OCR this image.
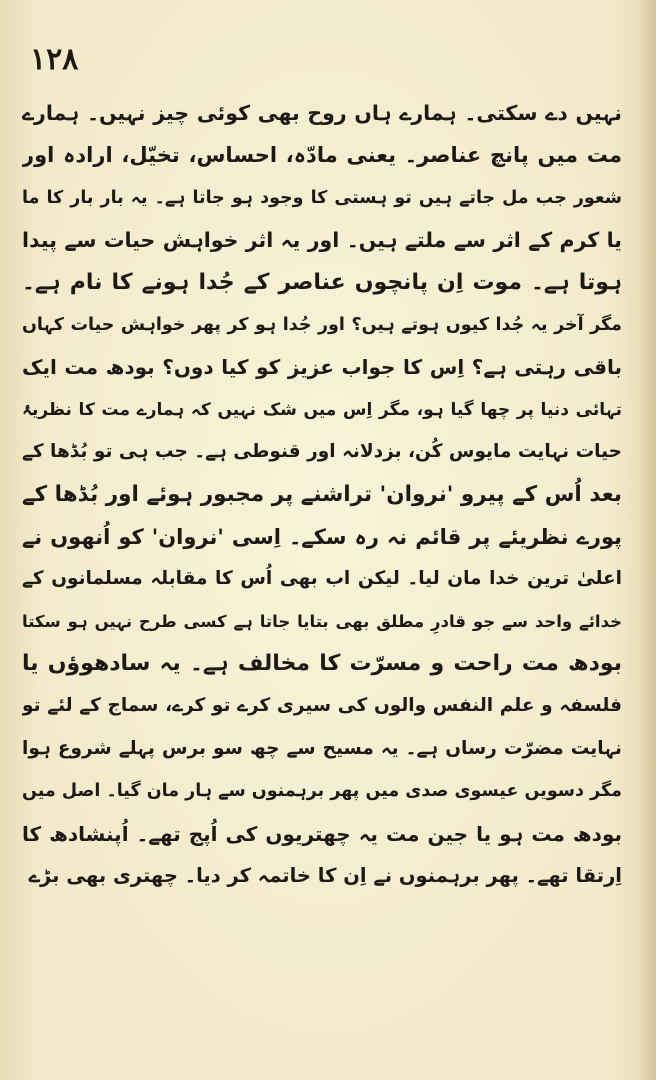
۱۲۸
نہیں دے سکتی۔ ہمارے ہاں روح بھی کوئی چیز نہیں۔ ہمارے
مت میں پانچ عناصر۔ یعنی مادّہ، احساس، تخیّل، ارادہ اور
شعور جب مل جاتے ہیں تو ہستی کا وجود ہو جاتا ہے۔ یہ بار بار کا ما
یا کرم کے اثر سے ملتے ہیں۔ اور یہ اثر خواہش حیات سے پیدا
ہوتا ہے۔ موت اِن پانچوں عناصر کے جُدا ہونے کا نام ہے۔
مگر آخر یہ جُدا کیوں ہوتے ہیں؟ اور جُدا ہو کر پھر خواہش حیات کہاں
باقی رہتی ہے؟ اِس کا جواب عزیز کو کیا دوں؟ بودھ مت ایک
تہائی دنیا پر چھا گیا ہو، مگر اِس میں شک نہیں کہ ہمارے مت کا نظریۂ
حیات نہایت مایوس کُن، بزدلانہ اور قنوطی ہے۔ جب ہی تو بُڈھا کے
بعد اُس کے پیرو 'نروان' تراشنے پر مجبور ہوئے اور بُڈھا کے
پورے نظریئے پر قائم نہ رہ سکے۔ اِسی 'نروان' کو اُنھوں نے
اعلیٰ ترین خدا مان لیا۔ لیکن اب بھی اُس کا مقابلہ مسلمانوں کے
خدائے واحد سے جو قادرِ مطلق بھی بتایا جاتا ہے کسی طرح نہیں ہو سکتا
بودھ مت راحت و مسرّت کا مخالف ہے۔ یہ سادھوؤں یا
فلسفہ و علم النفس والوں کی سیری کرے تو کرے، سماج کے لئے تو
نہایت مضرّت رساں ہے۔ یہ مسیح سے چھ سو برس پہلے شروع ہوا
مگر دسویں عیسوی صدی میں پھر برہمنوں سے ہار مان گیا۔ اصل میں
بودھ مت ہو یا جین مت یہ چھتریوں کی اُپج تھے۔ اُپنشادھ کا
اِرتقا تھے۔ پھر برہمنوں نے اِن کا خاتمہ کر دیا۔ چھتری بھی بڑے
